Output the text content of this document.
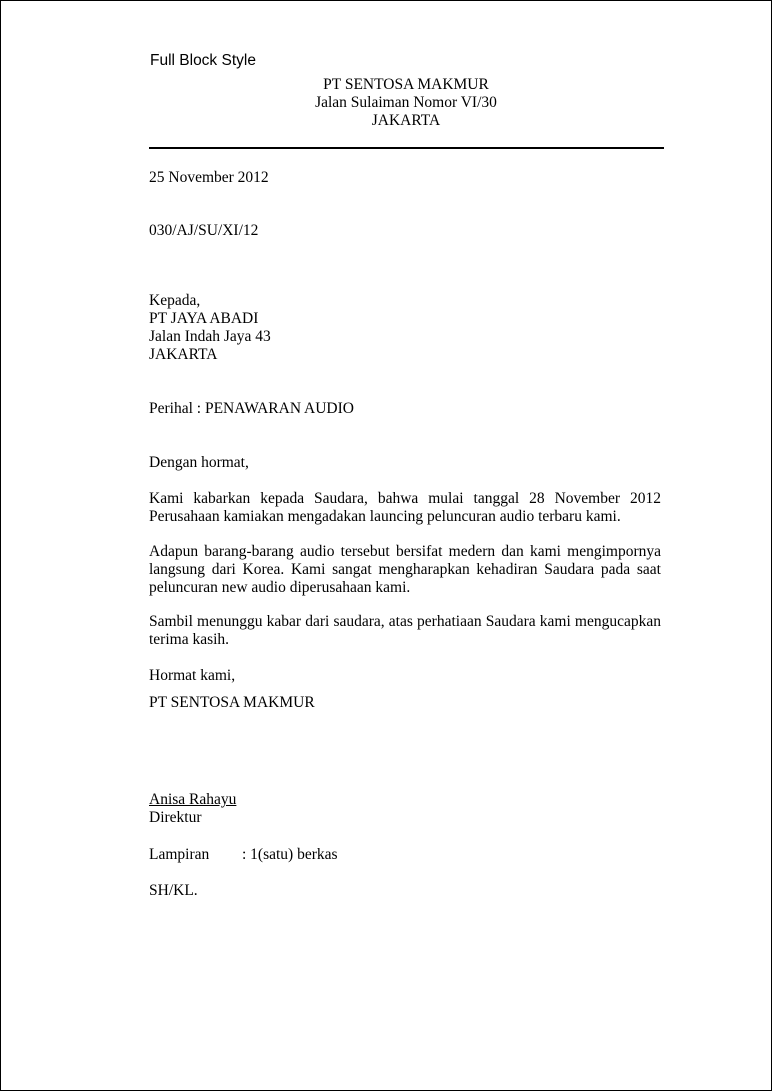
Full Block Style
PT SENTOSA MAKMUR
Jalan Sulaiman Nomor VI/30
JAKARTA
25 November 2012
030/AJ/SU/XI/12
Kepada,
PT JAYA ABADI
Jalan Indah Jaya 43
JAKARTA
Perihal : PENAWARAN AUDIO
Dengan hormat,
Kami kabarkan kepada Saudara, bahwa mulai tanggal 28 November 2012
Perusahaan kamiakan mengadakan launcing peluncuran audio terbaru kami.
Adapun barang-barang audio tersebut bersifat medern dan kami mengimpornya
langsung dari Korea. Kami sangat mengharapkan kehadiran Saudara pada saat
peluncuran new audio diperusahaan kami.
Sambil menunggu kabar dari saudara, atas perhatiaan Saudara kami mengucapkan
terima kasih.
Hormat kami,
PT SENTOSA MAKMUR
Anisa Rahayu
Direktur
Lampiran : 1(satu) berkas
SH/KL.
